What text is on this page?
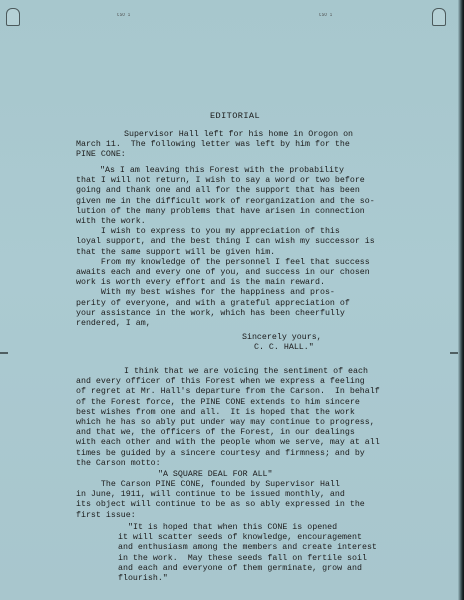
CSO 1	CSO 1
EDITORIAL
Supervisor Hall left for his home in Orogon on
March 11.  The following letter was left by him for the
PINE CONE:
"As I am leaving this Forest with the probability
that I will not return, I wish to say a word or two before
going and thank one and all for the support that has been
given me in the difficult work of reorganization and the so-
lution of the many problems that have arisen in connection
with the work.
I wish to express to you my appreciation of this
loyal support, and the best thing I can wish my successor is
that the same support will be given him.
From my knowledge of the personnel I feel that success
awaits each and every one of you, and success in our chosen
work is worth every effort and is the main reward.
With my best wishes for the happiness and pros-
perity of everyone, and with a grateful appreciation of
your assistance in the work, which has been cheerfully
rendered, I am,
Sincerely yours,
C. C. HALL."
I think that we are voicing the sentiment of each
and every officer of this Forest when we express a feeling
of regret at Mr. Hall's departure from the Carson.  In behalf
of the Forest force, the PINE CONE extends to him sincere
best wishes from one and all.  It is hoped that the work
which he has so ably put under way may continue to progress,
and that we, the officers of the Forest, in our dealings
with each other and with the people whom we serve, may at all
times be guided by a sincere courtesy and firmness; and by
the Carson motto:
"A SQUARE DEAL FOR ALL"
The Carson PINE CONE, founded by Supervisor Hall
in June, 1911, will continue to be issued monthly, and
its object will continue to be as so ably expressed in the
first issue:
"It is hoped that when this CONE is opened
it will scatter seeds of knowledge, encouragement
and enthusiasm among the members and create interest
in the work.  May these seeds fall on fertile soil
and each and everyone of them germinate, grow and
flourish."
